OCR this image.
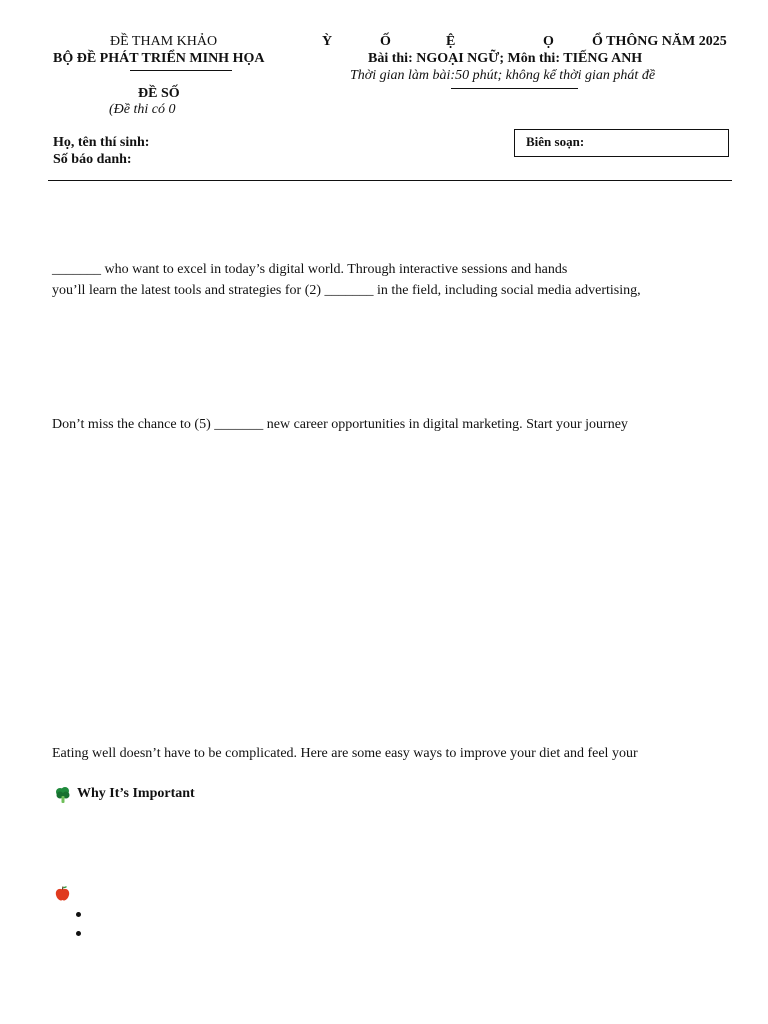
ĐỀ THAM KHẢO
BỘ ĐỀ PHÁT TRIỂN MINH HỌA
Ỳ	Ố	Ệ	Ọ	Ổ THÔNG NĂM 2025
Bài thi: NGOẠI NGỮ; Môn thi: TIẾNG ANH
Thời gian làm bài:50 phút; không kể thời gian phát đề
ĐỀ SỐ
(Đề thi có 0
Họ, tên thí sinh:
Số báo danh:
Biên soạn:
_______ who want to excel in today’s digital world. Through interactive sessions and hands
you’ll learn the latest tools and strategies for (2) _______ in the field, including social media advertising,
Don’t miss the chance to (5) _______ new career opportunities in digital marketing. Start your journey
Eating well doesn’t have to be complicated. Here are some easy ways to improve your diet and feel your
Why It’s Important
